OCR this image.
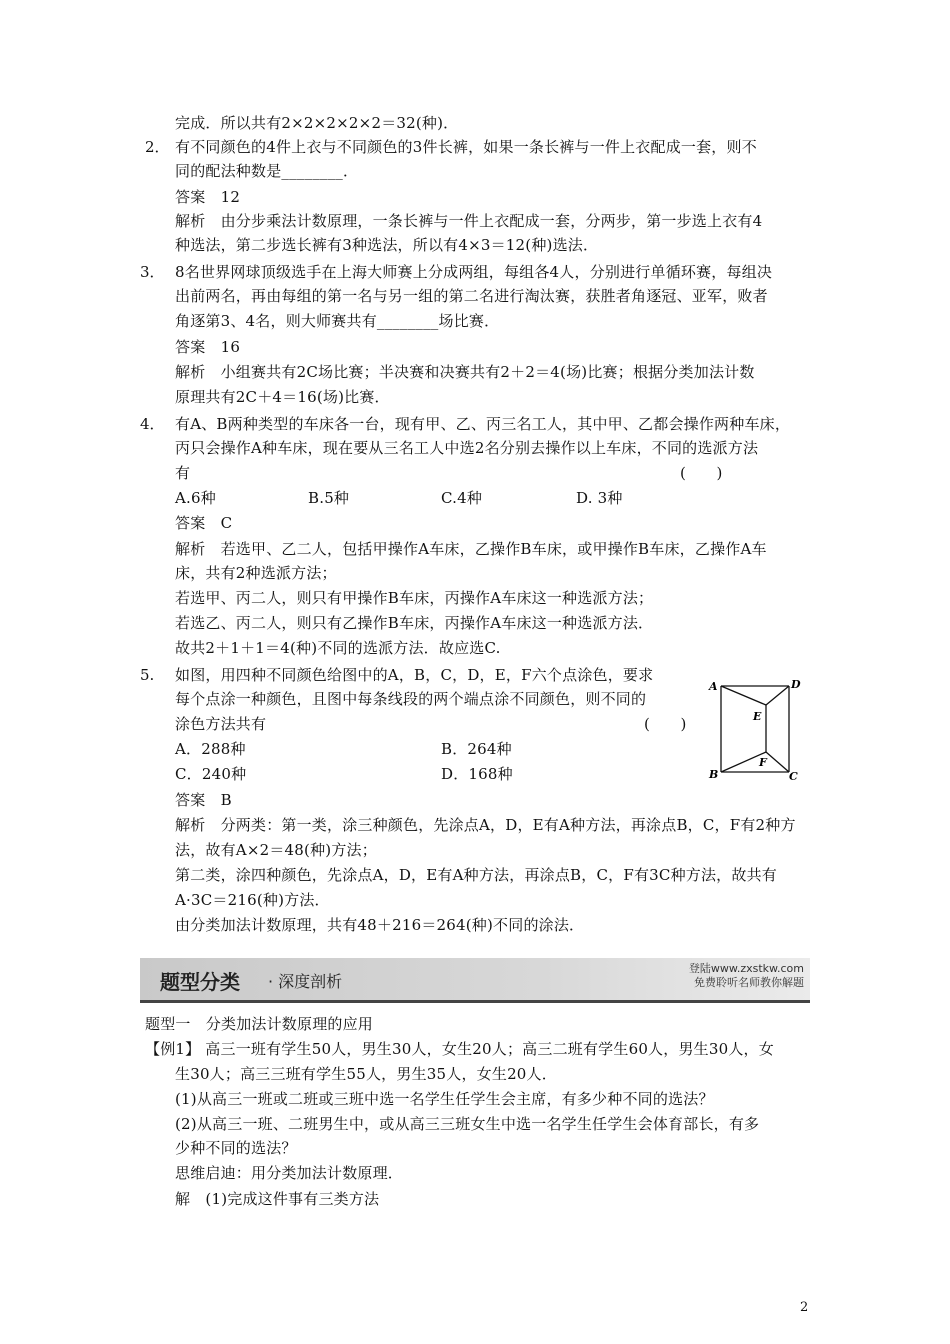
完成．所以共有2×2×2×2×2＝32(种)．
有不同颜色的4件上衣与不同颜色的3件长裤，如果一条长裤与一件上衣配成一套，则不
同的配法种数是________．
答案　12
解析　由分步乘法计数原理，一条长裤与一件上衣配成一套，分两步，第一步选上衣有4
种选法，第二步选长裤有3种选法，所以有4×3＝12(种)选法．
8名世界网球顶级选手在上海大师赛上分成两组，每组各4人，分别进行单循环赛，每组决
出前两名，再由每组的第一名与另一组的第二名进行淘汰赛，获胜者角逐冠、亚军，败者
角逐第3、4名，则大师赛共有________场比赛．
答案　16
解析　小组赛共有2C场比赛；半决赛和决赛共有2＋2＝4(场)比赛；根据分类加法计数
原理共有2C＋4＝16(场)比赛．
有A、B两种类型的车床各一台，现有甲、乙、丙三名工人，其中甲、乙都会操作两种车床，
丙只会操作A种车床，现在要从三名工人中选2名分别去操作以上车床，不同的选派方法
有
A.6种
答案　C
解析　若选甲、乙二人，包括甲操作A车床，乙操作B车床，或甲操作B车床，乙操作A车
床，共有2种选派方法；
若选甲、丙二人，则只有甲操作B车床，丙操作A车床这一种选派方法；
若选乙、丙二人，则只有乙操作B车床，丙操作A车床这一种选派方法．
故共2＋1＋1＝4(种)不同的选派方法．故应选C.
如图，用四种不同颜色给图中的A，B，C，D，E，F六个点涂色，要求
每个点涂一种颜色，且图中每条线段的两个端点涂不同颜色，则不同的
涂色方法共有
A．288种
C．240种
答案　B
解析　分两类：第一类，涂三种颜色，先涂点A，D，E有A种方法，再涂点B，C，F有2种方
法，故有A×2＝48(种)方法；
第二类，涂四种颜色，先涂点A，D，E有A种方法，再涂点B，C，F有3C种方法，故共有
A·3C＝216(种)方法．
由分类加法计数原理，共有48＋216＝264(种)不同的涂法．
题型一　分类加法计数原理的应用
【例1】 高三一班有学生50人，男生30人，女生20人；高三二班有学生60人，男生30人，女
生30人；高三三班有学生55人，男生35人，女生20人．
(1)从高三一班或二班或三班中选一名学生任学生会主席，有多少种不同的选法？
(2)从高三一班、二班男生中，或从高三三班女生中选一名学生任学生会体育部长，有多
少种不同的选法？
思维启迪：用分类加法计数原理．
解　(1)完成这件事有三类方法
B.5种	C.4种	D. 3种
(　　)
(　　)
B．264种
D．168种
2．
3．
4．
5.
题型分类 · 深度剖析
登陆www.zxstkw.com
免费聆听名师教你解题
A	D
E
F
B	C
2
